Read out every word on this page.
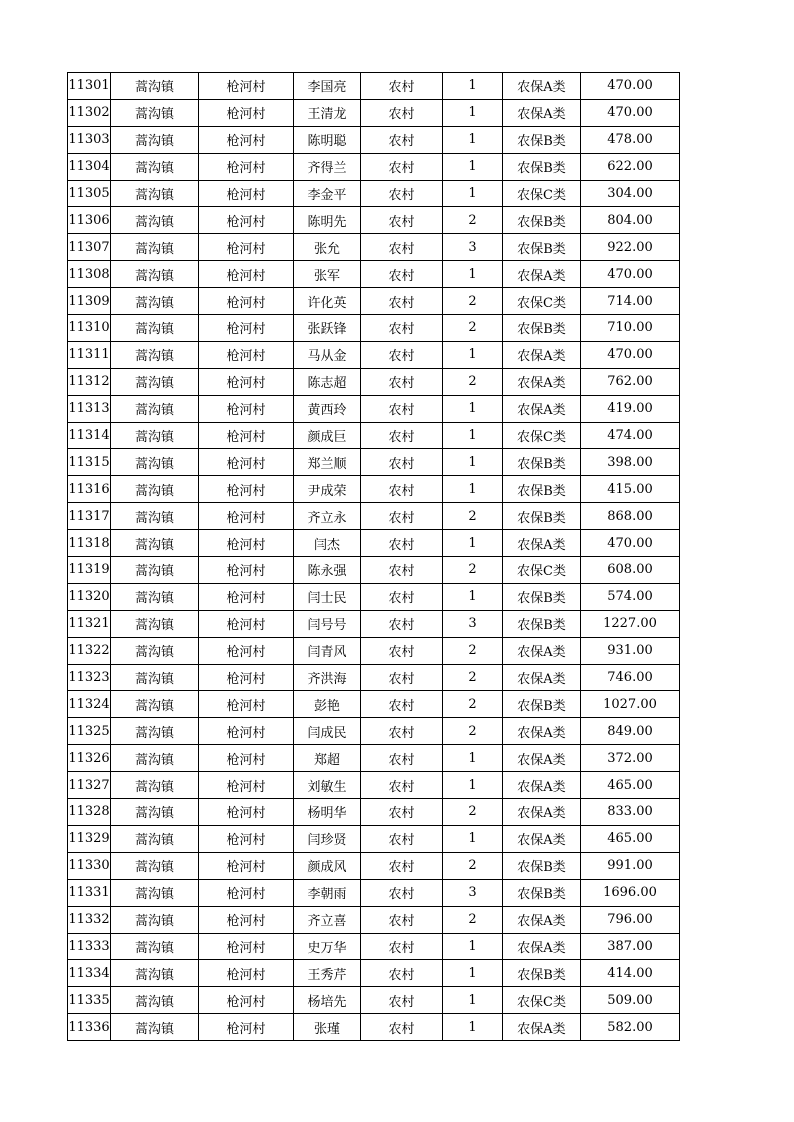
11301	蒿沟镇	枪河村	李国亮	农村	1	农保A类	470.00
11302	蒿沟镇	枪河村	王清龙	农村	1	农保A类	470.00
11303	蒿沟镇	枪河村	陈明聪	农村	1	农保B类	478.00
11304	蒿沟镇	枪河村	齐得兰	农村	1	农保B类	622.00
11305	蒿沟镇	枪河村	李金平	农村	1	农保C类	304.00
11306	蒿沟镇	枪河村	陈明先	农村	2	农保B类	804.00
11307	蒿沟镇	枪河村	张允	农村	3	农保B类	922.00
11308	蒿沟镇	枪河村	张军	农村	1	农保A类	470.00
11309	蒿沟镇	枪河村	许化英	农村	2	农保C类	714.00
11310	蒿沟镇	枪河村	张跃锋	农村	2	农保B类	710.00
11311	蒿沟镇	枪河村	马从金	农村	1	农保A类	470.00
11312	蒿沟镇	枪河村	陈志超	农村	2	农保A类	762.00
11313	蒿沟镇	枪河村	黄西玲	农村	1	农保A类	419.00
11314	蒿沟镇	枪河村	颜成巨	农村	1	农保C类	474.00
11315	蒿沟镇	枪河村	郑兰顺	农村	1	农保B类	398.00
11316	蒿沟镇	枪河村	尹成荣	农村	1	农保B类	415.00
11317	蒿沟镇	枪河村	齐立永	农村	2	农保B类	868.00
11318	蒿沟镇	枪河村	闫杰	农村	1	农保A类	470.00
11319	蒿沟镇	枪河村	陈永强	农村	2	农保C类	608.00
11320	蒿沟镇	枪河村	闫士民	农村	1	农保B类	574.00
11321	蒿沟镇	枪河村	闫号号	农村	3	农保B类	1227.00
11322	蒿沟镇	枪河村	闫青风	农村	2	农保A类	931.00
11323	蒿沟镇	枪河村	齐洪海	农村	2	农保A类	746.00
11324	蒿沟镇	枪河村	彭艳	农村	2	农保B类	1027.00
11325	蒿沟镇	枪河村	闫成民	农村	2	农保A类	849.00
11326	蒿沟镇	枪河村	郑超	农村	1	农保A类	372.00
11327	蒿沟镇	枪河村	刘敏生	农村	1	农保A类	465.00
11328	蒿沟镇	枪河村	杨明华	农村	2	农保A类	833.00
11329	蒿沟镇	枪河村	闫珍贤	农村	1	农保A类	465.00
11330	蒿沟镇	枪河村	颜成风	农村	2	农保B类	991.00
11331	蒿沟镇	枪河村	李朝雨	农村	3	农保B类	1696.00
11332	蒿沟镇	枪河村	齐立喜	农村	2	农保A类	796.00
11333	蒿沟镇	枪河村	史万华	农村	1	农保A类	387.00
11334	蒿沟镇	枪河村	王秀芹	农村	1	农保B类	414.00
11335	蒿沟镇	枪河村	杨培先	农村	1	农保C类	509.00
11336	蒿沟镇	枪河村	张瑾	农村	1	农保A类	582.00
